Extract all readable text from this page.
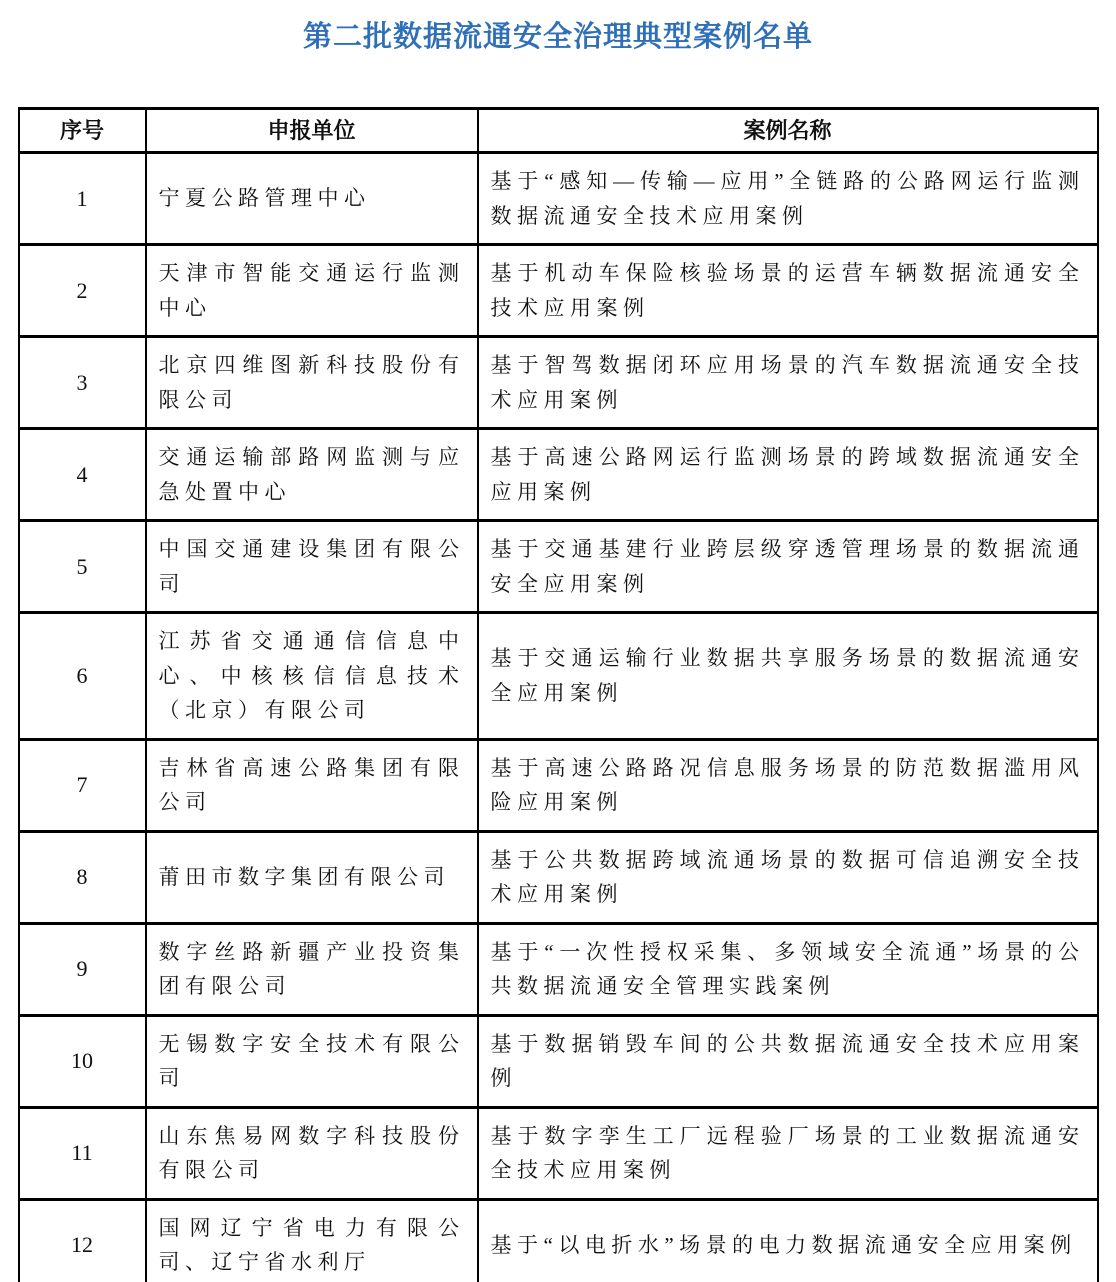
第二批数据流通安全治理典型案例名单
序号	申报单位	案例名称
1	宁夏公路管理中心	基于“感知—传输—应用”全链路的公路网运行监测数据流通安全技术应用案例
2	天津市智能交通运行监测中心	基于机动车保险核验场景的运营车辆数据流通安全技术应用案例
3	北京四维图新科技股份有限公司	基于智驾数据闭环应用场景的汽车数据流通安全技术应用案例
4	交通运输部路网监测与应急处置中心	基于高速公路网运行监测场景的跨域数据流通安全应用案例
5	中国交通建设集团有限公司	基于交通基建行业跨层级穿透管理场景的数据流通安全应用案例
6	江苏省交通通信信息中心、中核核信信息技术（北京）有限公司	基于交通运输行业数据共享服务场景的数据流通安全应用案例
7	吉林省高速公路集团有限公司	基于高速公路路况信息服务场景的防范数据滥用风险应用案例
8	莆田市数字集团有限公司	基于公共数据跨域流通场景的数据可信追溯安全技术应用案例
9	数字丝路新疆产业投资集团有限公司	基于“一次性授权采集、多领域安全流通”场景的公共数据流通安全管理实践案例
10	无锡数字安全技术有限公司	基于数据销毁车间的公共数据流通安全技术应用案例
11	山东焦易网数字科技股份有限公司	基于数字孪生工厂远程验厂场景的工业数据流通安全技术应用案例
12	国网辽宁省电力有限公司、辽宁省水利厅	基于“以电折水”场景的电力数据流通安全应用案例
